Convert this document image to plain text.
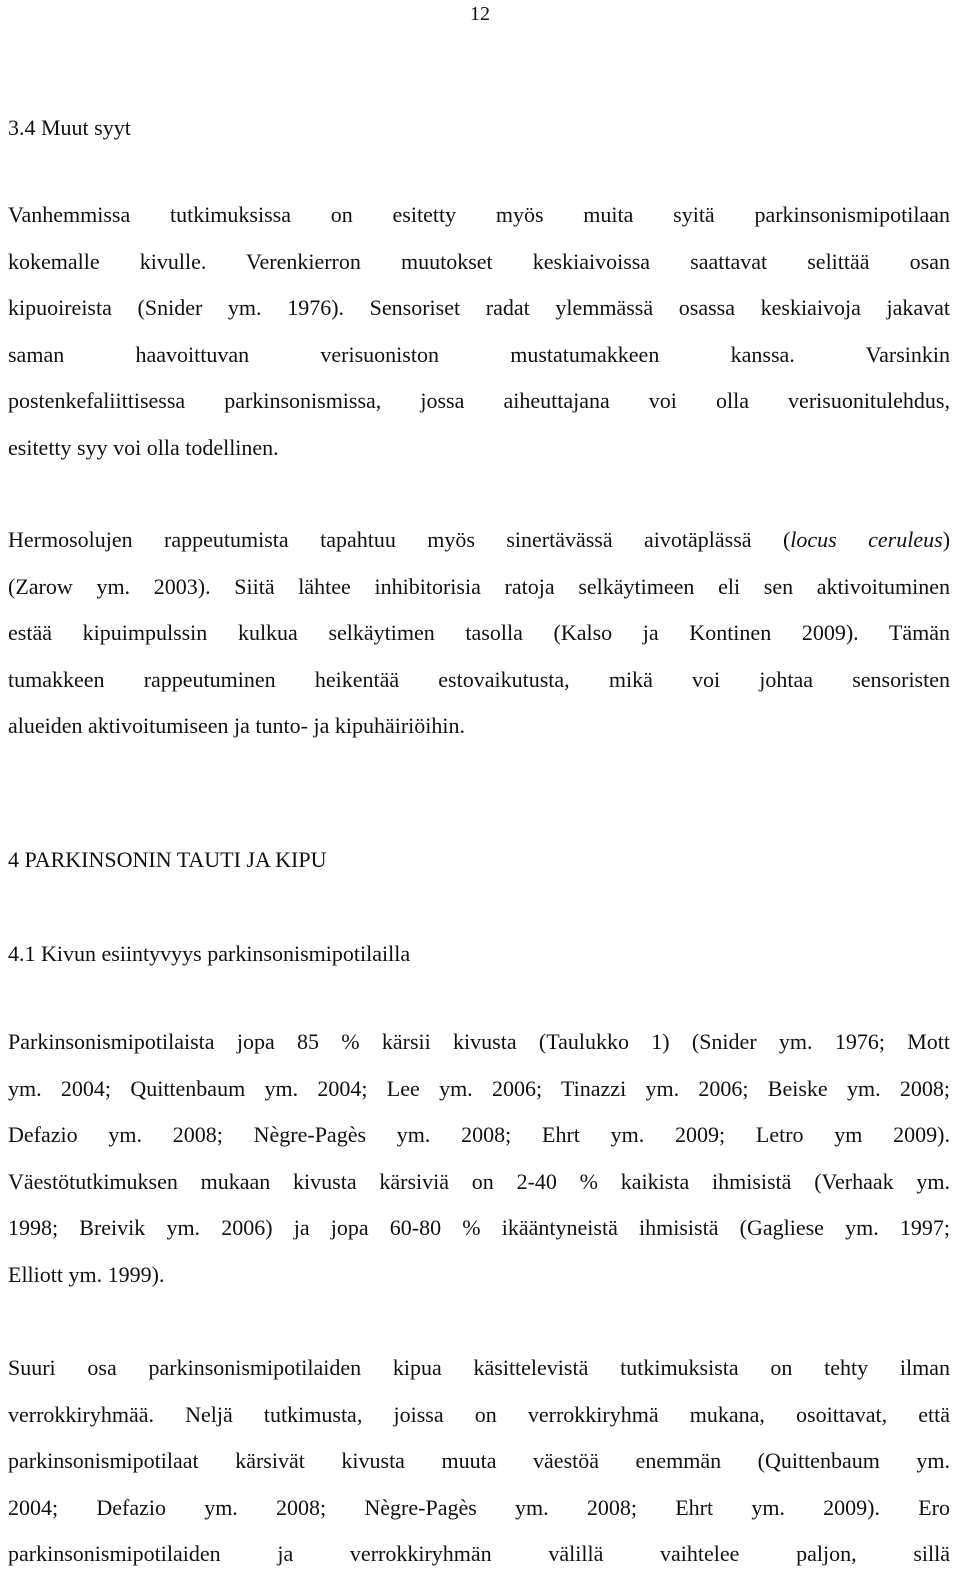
12
3.4 Muut syyt
Vanhemmissa tutkimuksissa on esitetty myös muita syitä parkinsonismipotilaan
kokemalle kivulle. Verenkierron muutokset keskiaivoissa saattavat selittää osan
kipuoireista (Snider ym. 1976). Sensoriset radat ylemmässä osassa keskiaivoja jakavat
saman haavoittuvan verisuoniston mustatumakkeen kanssa. Varsinkin
postenkefaliittisessa parkinsonismissa, jossa aiheuttajana voi olla verisuonitulehdus,
esitetty syy voi olla todellinen.
Hermosolujen rappeutumista tapahtuu myös sinertävässä aivotäplässä (locus ceruleus)
(Zarow ym. 2003). Siitä lähtee inhibitorisia ratoja selkäytimeen eli sen aktivoituminen
estää kipuimpulssin kulkua selkäytimen tasolla (Kalso ja Kontinen 2009). Tämän
tumakkeen rappeutuminen heikentää estovaikutusta, mikä voi johtaa sensoristen
alueiden aktivoitumiseen ja tunto- ja kipuhäiriöihin.
4 PARKINSONIN TAUTI JA KIPU
4.1 Kivun esiintyvyys parkinsonismipotilailla
Parkinsonismipotilaista jopa 85 % kärsii kivusta (Taulukko 1) (Snider ym. 1976; Mott
ym. 2004; Quittenbaum ym. 2004; Lee ym. 2006; Tinazzi ym. 2006; Beiske ym. 2008;
Defazio ym. 2008; Nègre-Pagès ym. 2008; Ehrt ym. 2009; Letro ym 2009).
Väestötutkimuksen mukaan kivusta kärsiviä on 2-40 % kaikista ihmisistä (Verhaak ym.
1998; Breivik ym. 2006) ja jopa 60-80 % ikääntyneistä ihmisistä (Gagliese ym. 1997;
Elliott ym. 1999).
Suuri osa parkinsonismipotilaiden kipua käsittelevistä tutkimuksista on tehty ilman
verrokkiryhmää. Neljä tutkimusta, joissa on verrokkiryhmä mukana, osoittavat, että
parkinsonismipotilaat kärsivät kivusta muuta väestöä enemmän (Quittenbaum ym.
2004; Defazio ym. 2008; Nègre-Pagès ym. 2008; Ehrt ym. 2009). Ero
parkinsonismipotilaiden ja verrokkiryhmän välillä vaihtelee paljon, sillä
